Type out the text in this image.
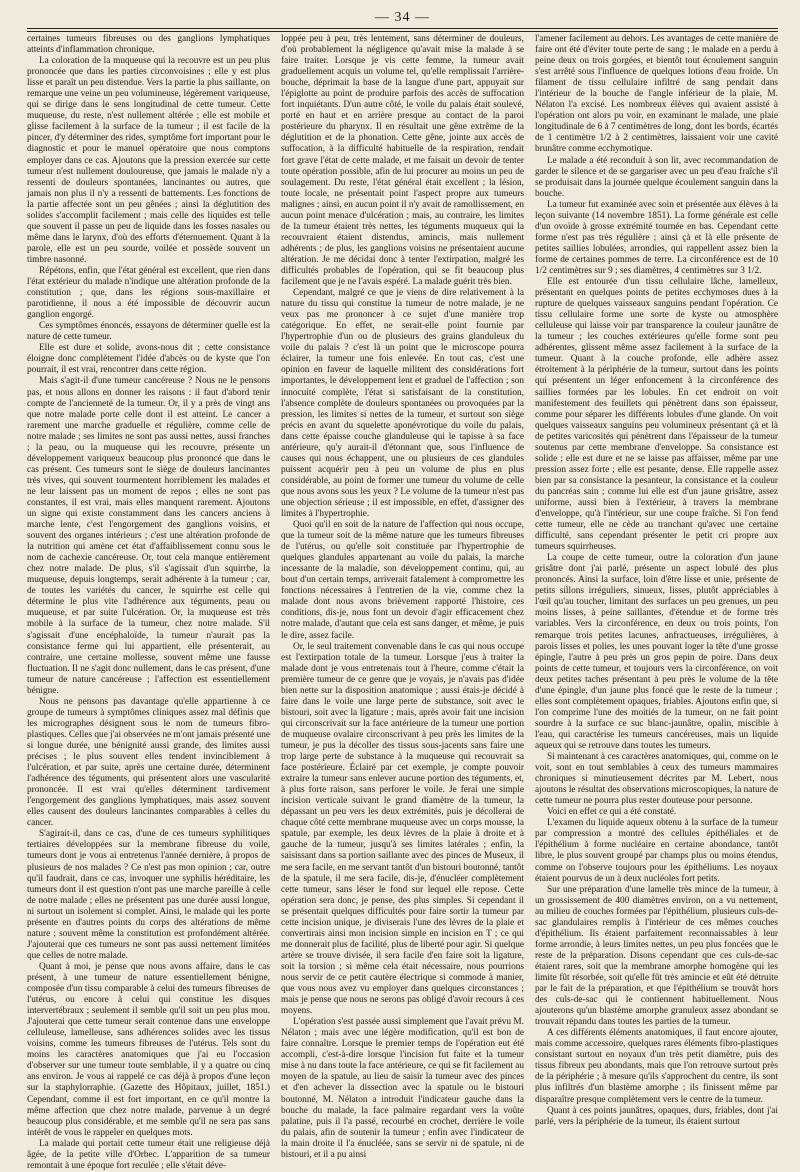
— 34 —

certaines tumeurs fibreuses ou des ganglions lymphatiques atteints d'inflammation chronique.

La coloration de la muqueuse qui la recouvre est un peu plus prononcée que dans les parties circonvoisines ; elle y est plus lisse et paraît un peu distendue. Vers la partie la plus saillante, on remarque une veine un peu volumineuse, légèrement variqueuse, qui se dirige dans le sens longitudinal de cette tumeur. Cette muqueuse, du reste, n'est nullement altérée ; elle est mobile et glisse facilement à la surface de la tumeur ; il est facile de la pincer, d'y déterminer des rides, symptôme fort important pour le diagnostic et pour le manuel opératoire que nous comptons employer dans ce cas. Ajoutons que la pression exercée sur cette tumeur n'est nullement douloureuse, que jamais le malade n'y a ressenti de douleurs spontanées, lancinantes ou autres, que jamais non plus il n'y a ressenti de battements. Les fonctions de la partie affectée sont un peu gênées ; ainsi la déglutition des solides s'accomplit facilement ; mais celle des liquides est telle que souvent il passe un peu de liquide dans les fosses nasales ou même dans le larynx, d'où des efforts d'éternuement. Quant à la parole, elle est un peu sourde, voilée et possède souvent un timbre nasonné.

Répétons, enfin, que l'état général est excellent, que rien dans l'état extérieur du malade n'indique une altération profonde de la constitution ; que, dans les régions sous-maxillaire et parotidienne, il nous a été impossible de découvrir aucun ganglion engorgé.

Ces symptômes énoncés, essayons de déterminer quelle est la nature de cette tumeur.

Elle est dure et solide, avons-nous dit ; cette consistance éloigne donc complètement l'idée d'abcès ou de kyste que l'on pourrait, il est vrai, rencontrer dans cette région.

Mais s'agit-il d'une tumeur cancéreuse ? Nous ne le pensons pas, et nous allons en donner les raisons : il faut d'abord tenir compte de l'ancienneté de la tumeur. Or, il y a près de vingt ans que notre malade porte celle dont il est atteint. Le cancer a rarement une marche graduelle et régulière, comme celle de notre malade ; ses limites ne sont pas aussi nettes, aussi franches ; la peau, ou la muqueuse qui les recouvre, présente un développement variqueux beaucoup plus prononcé que dans le cas présent. Ces tumeurs sont le siège de douleurs lancinantes très vives, qui souvent tourmentent horriblement les malades et ne leur laissent pas un moment de repos ; elles ne sont pas constantes, il est vrai, mais elles manquent rarement. Ajoutons un signe qui existe constamment dans les cancers anciens à marche lente, c'est l'engorgement des ganglions voisins, et souvent des organes intérieurs ; c'est une altération profonde de la nutrition qui amène cet état d'affaiblissement connu sous le nom de cachexie cancéreuse. Or, tout cela manque entièrement chez notre malade. De plus, s'il s'agissait d'un squirrhe, la muqueuse, depuis longtemps, serait adhérente à la tumeur ; car, de toutes les variétés du cancer, le squirrhe est celle qui détermine le plus vite l'adhérence aux téguments, peau ou muqueuse, et par suite l'ulcération. Or, la muqueuse est très mobile à la surface de la tumeur, chez notre malade. S'il s'agissait d'une encéphaloïde, la tumeur n'aurait pas la consistance ferme qui lui appartient, elle présenterait, au contraire, une certaine mollesse, souvent même une fausse fluctuation. Il ne s'agit donc nullement, dans le cas présent, d'une tumeur de nature cancéreuse ; l'affection est essentiellement bénigne.

Nous ne pensons pas davantage qu'elle appartienne à ce groupe de tumeurs à symptômes cliniques assez mal définis que les micrographes désignent sous le nom de tumeurs fibro-plastiques. Celles que j'ai observées ne m'ont jamais présenté une si longue durée, une bénignité aussi grande, des limites aussi précises ; le plus souvent elles tendent invinciblement à l'ulcération, et par suite, après une certaine durée, déterminent l'adhérence des téguments, qui présentent alors une vascularité prononcée. Il est vrai qu'elles déterminent tardivement l'engorgement des ganglions lymphatiques, mais assez souvent elles causent des douleurs lancinantes comparables à celles du cancer.

S'agirait-il, dans ce cas, d'une de ces tumeurs syphilitiques tertiaires développées sur la membrane fibreuse du voile, tumeurs dont je vous ai entretenus l'année dernière, à propos de plusieurs de nos malades ? Ce n'est pas mon opinion ; car, outre qu'il faudrait, dans ce cas, invoquer une syphilis héréditaire, les tumeurs dont il est question n'ont pas une marche pareille à celle de notre malade ; elles ne présentent pas une durée aussi longue, ni surtout un isolement si complet. Ainsi, le malade qui les porte présente en d'autres points du corps des altérations de même nature ; souvent même la constitution est profondément altérée. J'ajouterai que ces tumeurs ne sont pas aussi nettement limitées que celles de notre malade.

Quant à moi, je pense que nous avons affaire, dans le cas présent, à une tumeur de nature essentiellement bénigne, composée d'un tissu comparable à celui des tumeurs fibreuses de l'utérus, ou encore à celui qui constitue les disques intervertébraux ; seulement il semble qu'il soit un peu plus mou. J'ajouterai que cette tumeur serait contenue dans une enveloppe celluleuse, lamelleuse, sans adhérences solides avec les tissus voisins, comme les tumeurs fibreuses de l'utérus. Tels sont du moins les caractères anatomiques que j'ai eu l'occasion d'observer sur une tumeur toute semblable, il y a quatre ou cinq ans environ. Je vous ai rappelé ce cas déjà à propos d'une leçon sur la staphylorraphie. (Gazette des Hôpitaux, juillet, 1851.) Cependant, comme il est fort important, en ce qu'il montre la même affection que chez notre malade, parvenue à un degré beaucoup plus considérable, et me semble qu'il ne sera pas sans intérêt de vous le rappeler en quelques mots.

La malade qui portait cette tumeur était une religieuse déjà âgée, de la petite ville d'Orbec. L'apparition de sa tumeur remontait à une époque fort reculée ; elle s'était déve-

loppée peu à peu, très lentement, sans déterminer de douleurs, d'où probablement la négligence qu'avait mise la malade à se faire traiter. Lorsque je vis cette femme, la tumeur avait graduellement acquis un volume tel, qu'elle remplissait l'arrière-bouche, déprimait la base de la langue d'une part, appuyait sur l'épiglotte au point de produire parfois des accès de suffocation fort inquiétants. D'un autre côté, le voile du palais était soulevé, porté en haut et en arrière presque au contact de la paroi postérieure du pharynx. Il en résultait une gêne extrême de la déglutition et de la phonation. Cette gêne, jointe aux accès de suffocation, à la difficulté habituelle de la respiration, rendait fort grave l'état de cette malade, et me faisait un devoir de tenter toute opération possible, afin de lui procurer au moins un peu de soulagement. Du reste, l'état général était excellent ; la lésion, toute locale, ne présentait point l'aspect propre aux tumeurs malignes ; ainsi, en aucun point il n'y avait de ramollissement, en aucun point menace d'ulcération ; mais, au contraire, les limites de la tumeur étaient très nettes, les téguments muqueux qui la recouvraient étaient distendus, amincis, mais nullement adhérents ; de plus, les ganglions voisins ne présentaient aucune altération. Je me décidai donc à tenter l'extirpation, malgré les difficultés probables de l'opération, qui se fit beaucoup plus facilement que je ne l'avais espéré. La malade guérit très bien.

Cependant, malgré ce que je viens de dire relativement à la nature du tissu qui constitue la tumeur de notre malade, je ne veux pas me prononcer à ce sujet d'une manière trop catégorique. En effet, ne serait-elle point fournie par l'hypertrophie d'un ou de plusieurs des grains glanduleux du voile du palais ? c'est là un point que le microscope pourra éclairer, la tumeur une fois enlevée. En tout cas, c'est une opinion en faveur de laquelle militent des considérations fort importantes, le développement lent et graduel de l'affection ; son innocuité complète, l'état si satisfaisant de la constitution, l'absence complète de douleurs spontanées ou provoquées par la pression, les limites si nettes de la tumeur, et surtout son siège précis en avant du squelette aponévrotique du voile du palais, dans cette épaisse couche glanduleuse qui le tapisse à sa face antérieure, qu'y aurait-il d'étonnant que, sous l'influence de causes qui nous échappent, une ou plusieurs de ces glandules puissent acquérir peu à peu un volume de plus en plus considérable, au point de former une tumeur du volume de celle que nous avons sous les yeux ? Le volume de la tumeur n'est pas une objection sérieuse ; il est impossible, en effet, d'assigner des limites à l'hypertrophie.

Quoi qu'il en soit de la nature de l'affection qui nous occupe, que la tumeur soit de la même nature que les tumeurs fibreuses de l'utérus, ou qu'elle soit constituée par l'hypertrophie de quelques glandules appartenant au voile du palais, la marche incessante de la maladie, son développement continu, qui, au bout d'un certain temps, arriverait fatalement à compromettre les fonctions nécessaires à l'entretien de la vie, comme chez la malade dont nous avons brièvement rapporté l'histoire, ces conditions, dis-je, nous font un devoir d'agir efficacement chez notre malade, d'autant que cela est sans danger, et même, je puis le dire, assez facile.

Or, le seul traitement convenable dans le cas qui nous occupe est l'extirpation totale de la tumeur. Lorsque j'eus à traiter la malade dont je vous entretenais tout à l'heure, comme c'était la première tumeur de ce genre que je voyais, je n'avais pas d'idée bien nette sur la disposition anatomique ; aussi étais-je décidé à faire dans le voile une large perte de substance, soit avec le bistouri, soit avec la ligature ; mais, après avoir fait une incision qui circonscrivait sur la face antérieure de la tumeur une portion de muqueuse ovalaire circonscrivant à peu près les limites de la tumeur, je pus la décoller des tissus sous-jacents sans faire une trop large perte de substance à la muqueuse qui recouvrait sa face postérieure. Éclairé par cet exemple, je compte pouvoir extraire la tumeur sans enlever aucune portion des téguments, et, à plus forte raison, sans perforer le voile. Je ferai une simple incision verticale suivant le grand diamètre de la tumeur, la dépassant un peu vers les deux extrémités, puis je décollerai de chaque côté cette membrane muqueuse avec un corps mousse, la spatule, par exemple, les deux lèvres de la plaie à droite et à gauche de la tumeur, jusqu'à ses limites latérales ; enfin, la saisissant dans sa portion saillante avec des pinces de Museux, il me sera facile, en me servant tantôt d'un bistouri boutonné, tantôt de la spatule, il me sera facile, dis-je, d'énucléer complètement cette tumeur, sans léser le fond sur lequel elle repose. Cette opération sera donc, je pense, des plus simples. Si cependant il se présentait quelques difficultés pour faire sortir la tumeur par cette incision unique, je diviserais l'une des lèvres de la plaie et convertirais ainsi mon incision simple en incision en T ; ce qui me donnerait plus de facilité, plus de liberté pour agir. Si quelque artère se trouve divisée, il sera facile d'en faire soit la ligature, soit la torsion ; si même cela était nécessaire, nous pourrions nous servir de ce petit cautère électrique si commode à manier, que vous nous avez vu employer dans quelques circonstances ; mais je pense que nous ne serons pas obligé d'avoir recours à ces moyens.

L'opération s'est passée aussi simplement que l'avait prévu M. Nélaton ; mais avec une légère modification, qu'il est bon de faire connaître. Lorsque le premier temps de l'opération eut été accompli, c'est-à-dire lorsque l'incision fut faite et la tumeur mise à nu dans toute la face antérieure, ce qui se fit facilement au moyen de la spatule, au lieu de saisir la tumeur avec des pinces et d'en achever la dissection avec la spatule ou le bistouri boutonné, M. Nélaton a introduit l'indicateur gauche dans la bouche du malade, la face palmaire regardant vers la voûte palatine, puis il l'a passé, recourbé en crochet, derrière le voile du palais, afin de soutenir la tumeur ; enfin avec l'indicateur de la main droite il l'a énucléée, sans se servir ni de spatule, ni de bistouri, et il a pu ainsi

l'amener facilement au dehors. Les avantages de cette manière de faire ont été d'éviter toute perte de sang ; le malade en a perdu à peine deux ou trois gorgées, et bientôt tout écoulement sanguin s'est arrêté sous l'influence de quelques lotions d'eau froide. Un filament de tissu cellulaire infiltré de sang pendait dans l'intérieur de la bouche de l'angle inférieur de la plaie, M. Nélaton l'a excisé. Les nombreux élèves qui avaient assisté à l'opération ont alors pu voir, en examinant le malade, une plaie longitudinale de 6 à 7 centimètres de long, dont les bords, écartés de 1 centimètre 1/2 à 2 centimètres, laissaient voir une cavité brunâtre comme ecchymotique.

Le malade a été reconduit à son lit, avec recommandation de garder le silence et de se gargariser avec un peu d'eau fraîche s'il se produisait dans la journée quelque écoulement sanguin dans la bouche.

La tumeur fut examinée avec soin et présentée aux élèves à la leçon suivante (14 novembre 1851). La forme générale est celle d'un ovoïde à grosse extrémité tournée en bas. Cependant cette forme n'est pas très régulière ; ainsi çà et là elle présente de petites saillies lobulées, arrondies, qui rappellent assez bien la forme de certaines pommes de terre. La circonférence est de 10 1/2 centimètres sur 9 ; ses diamètres, 4 centimètres sur 3 1/2.

Elle est entourée d'un tissu cellulaire lâche, lamelleux, présentant en quelques points de petites ecchymoses dues à la rupture de quelques vaisseaux sanguins pendant l'opération. Ce tissu cellulaire forme une sorte de kyste ou atmosphère celluleuse qui laisse voir par transparence la couleur jaunâtre de la tumeur ; les couches extérieures qu'elle forme sont peu adhérentes, glissent même assez facilement à la surface de la tumeur. Quant à la couche profonde, elle adhère assez étroitement à la périphérie de la tumeur, surtout dans les points qui présentent un léger enfoncement à la circonférence des saillies formées par les lobules. En cet endroit on voit manifestement des feuillets qui pénètrent dans son épaisseur, comme pour séparer les différents lobules d'une glande. On voit quelques vaisseaux sanguins peu volumineux présentant çà et là de petites varicosités qui pénètrent dans l'épaisseur de la tumeur soutenus par cette membrane d'enveloppe. Sa consistance est solide ; elle est dure et ne se laisse pas affaisser, même par une pression assez forte ; elle est pesante, dense. Elle rappelle assez bien par sa consistance la pesanteur, la consistance et la couleur du pancréas sain ; comme lui elle est d'un jaune grisâtre, assez uniforme, aussi bien à l'extérieur, à travers la membrane d'enveloppe, qu'à l'intérieur, sur une coupe fraîche. Si l'on fend cette tumeur, elle ne cède au tranchant qu'avec une certaine difficulté, sans cependant présenter le petit cri propre aux tumeurs squirrheuses.

La coupe de cette tumeur, outre la coloration d'un jaune grisâtre dont j'ai parlé, présente un aspect lobulé des plus prononcés. Ainsi la surface, loin d'être lisse et unie, présente de petits sillons irréguliers, sinueux, lisses, plutôt appréciables à l'œil qu'au toucher, limitant des surfaces un peu grenues, un peu moins lisses, à peine saillantes, d'étendue et de forme très variables. Vers la circonférence, en deux ou trois points, l'on remarque trois petites lacunes, anfractueuses, irrégulières, à parois lisses et polies, les unes pouvant loger la tête d'une grosse épingle, l'autre à peu près un gros pepin de poire. Dans deux points de cette tumeur, et toujours vers la circonférence, on voit deux petites taches présentant à peu près le volume de la tête d'une épingle, d'un jaune plus foncé que le reste de la tumeur ; elles sont complètement opaques, friables. Ajoutons enfin que, si l'on comprime l'une des moitiés de la tumeur, on ne fait point sourdre à la surface ce suc blanc-jaunâtre, opalin, miscible à l'eau, qui caractérise les tumeurs cancéreuses, mais un liquide aqueux qui se retrouve dans toutes les tumeurs.

Si maintenant à ces caractères anatomiques, qui, comme on le voit, sont en tout semblables à ceux des tumeurs mammaires chroniques si minutieusement décrites par M. Lebert, nous ajoutons le résultat des observations microscopiques, la nature de cette tumeur ne pourra plus rester douteuse pour personne.

Voici en effet ce qui a été constaté.

L'examen du liquide aqueux obtenu à la surface de la tumeur par compression a montré des cellules épithéliales et de l'épithélium à forme nucléaire en certaine abondance, tantôt libre, le plus souvent groupé par champs plus ou moins étendus, comme on l'observe toujours pour les épithéliums. Les noyaux étaient pourvus de un à deux nucléoles fort petits.

Sur une préparation d'une lamelle très mince de la tumeur, à un grossissement de 400 diamètres environ, on a vu nettement, au milieu de couches formées par l'épithélium, plusieurs culs-de-sac glandulaires remplis à l'intérieur de ces mêmes couches d'épithélium. Ils étaient parfaitement reconnaissables à leur forme arrondie, à leurs limites nettes, un peu plus foncées que le reste de la préparation. Disons cependant que ces culs-de-sac étaient rares, soit que la membrane amorphe homogène qui les limite fût résorbée, soit qu'elle fût très amincie et eût été détruite par le fait de la préparation, et que l'épithélium se trouvât hors des culs-de-sac qui le contiennent habituellement. Nous ajouterons qu'un blastème amorphe granuleux assez abondant se trouvait répandu dans toutes les parties de la tumeur.

A ces différents éléments anatomiques, il faut encore ajouter, mais comme accessoire, quelques rares éléments fibro-plastiques consistant surtout en noyaux d'un très petit diamètre, puis des tissus fibreux peu abondants, mais que l'on retrouve surtout près de la périphérie ; à mesure qu'ils s'approchent du centre, ils sont plus infiltrés d'un blastème amorphe ; ils finissent même par disparaître presque complètement vers le centre de la tumeur.

Quant à ces points jaunâtres, opaques, durs, friables, dont j'ai parlé, vers la périphérie de la tumeur, ils étaient surtout
